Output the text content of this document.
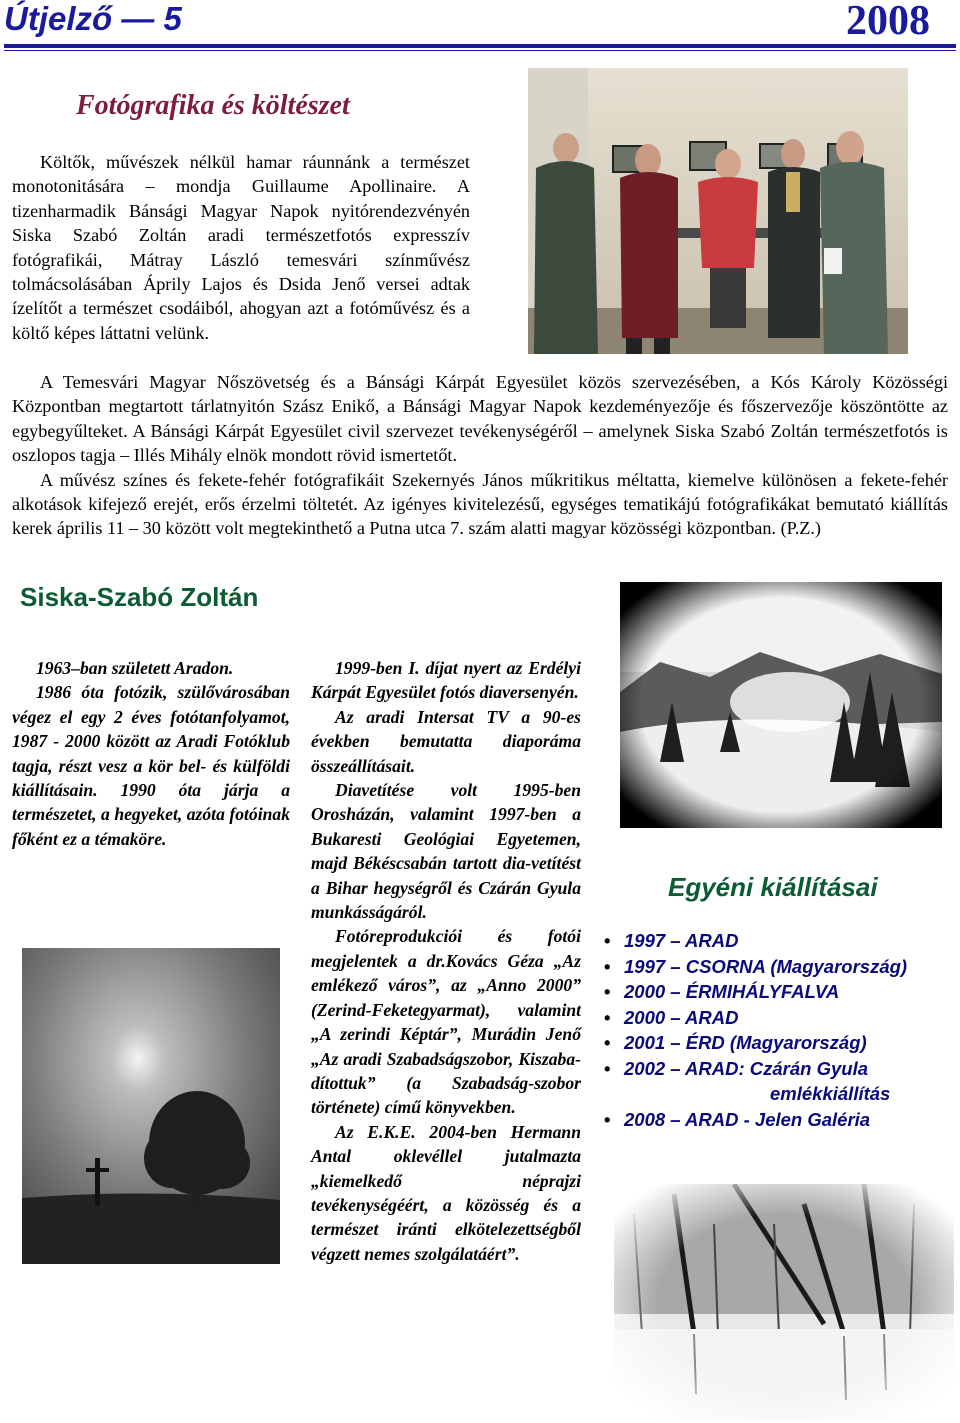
Útjelző — 5	2008
Fotógrafika és költészet

Költők, művészek nélkül hamar ráunnánk a természet monotonitására – mondja Guillaume Apollinaire. A tizenharmadik Bánsági Magyar Napok nyitórendezvényén Siska Szabó Zoltán aradi természetfotós expresszív fotógrafikái, Mátray László temesvári színművész tolmácsolásában Áprily Lajos és Dsida Jenő versei adtak ízelítőt a természet csodáiból, ahogyan azt a fotóművész és a költő képes láttatni velünk.

A Temesvári Magyar Nőszövetség és a Bánsági Kárpát Egyesület közös szervezésében, a Kós Károly Közösségi Központban megtartott tárlatnyitón Szász Enikő, a Bánsági Magyar Napok kezdeményezője és főszervezője köszöntötte az egybegyűlteket. A Bánsági Kárpát Egyesület civil szervezet tevékenységéről – amelynek Siska Szabó Zoltán természetfotós is oszlopos tagja – Illés Mihály elnök mondott rövid ismertetőt.

A művész színes és fekete-fehér fotógrafikáit Szekernyés János műkritikus méltatta, kiemelve különösen a fekete-fehér alkotások kifejező erejét, erős érzelmi töltetét. Az igényes kivitelezésű, egységes tematikájú fotógrafikákat bemutató kiállítás kerek április 11 – 30 között volt megtekinthető a Putna utca 7. szám alatti magyar közösségi központban. (P.Z.)

Siska-Szabó Zoltán

1963–ban született Aradon.

1986 óta fotózik, szülővárosában végez el egy 2 éves fotótanfolyamot, 1987 - 2000 között az Aradi Fotóklub tagja, részt vesz a kör bel- és külföldi kiállításain. 1990 óta járja a természetet, a hegyeket, azóta fotóinak főként ez a témaköre.

1999-ben I. díjat nyert az Erdélyi Kárpát Egyesület fotós diaversenyén.

Az aradi Intersat TV a 90-es években bemutatta diaporáma összeállításait.

Diavetítése volt 1995-ben Orosházán, valamint 1997-ben a Bukaresti Geológiai Egyetemen, majd Békéscsabán tartott dia-vetítést a Bihar hegységről és Czárán Gyula munkásságáról.

Fotóreprodukciói és fotói megjelentek a dr.Kovács Géza „Az emlékező város”, az „Anno 2000” (Zerind-Feketegyarmat), valamint „A zerindi Képtár”, Murádin Jenő „Az aradi Szabadságszobor, Kiszaba-dítottuk” (a Szabadság-szobor története) című könyvekben.

Az E.K.E. 2004-ben Hermann Antal oklevéllel jutalmazta „kiemelkedő néprajzi tevékenységéért, a közösség és a természet iránti elkötelezettségből végzett nemes szolgálatáért”.

Egyéni kiállításai
• 1997 – ARAD
• 1997 – CSORNA (Magyarország)
• 2000 – ÉRMIHÁLYFALVA
• 2000 – ARAD
• 2001 – ÉRD (Magyarország)
• 2002 – ARAD: Czárán Gyula
emlékkiállítás
• 2008 – ARAD - Jelen Galéria
